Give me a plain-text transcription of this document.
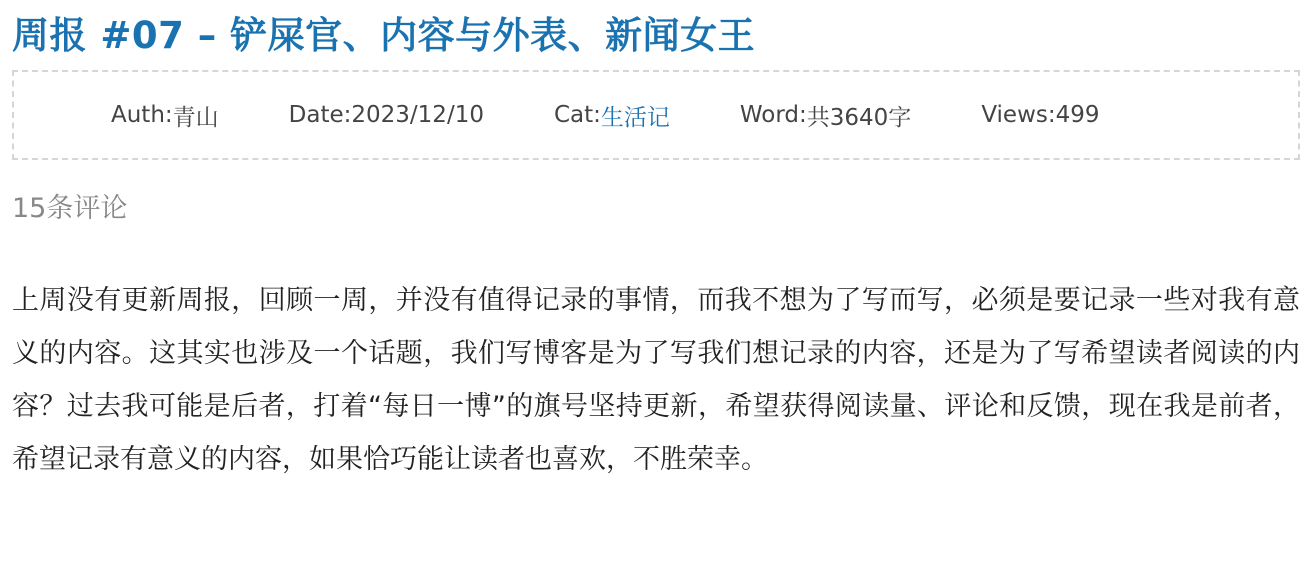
周报 #07 – 铲屎官、内容与外表、新闻女王
Auth: 青山	Date: 2023/12/10	Cat: 生活记	Word: 共3640字	Views: 499
15条评论

上周没有更新周报，回顾一周，并没有值得记录的事情，而我不想为了写而写，必须是要记录一些对我有意义的内容。这其实也涉及一个话题，我们写博客是为了写我们想记录的内容，还是为了写希望读者阅读的内容？过去我可能是后者，打着“每日一博”的旗号坚持更新，希望获得阅读量、评论和反馈，现在我是前者，希望记录有意义的内容，如果恰巧能让读者也喜欢，不胜荣幸。
